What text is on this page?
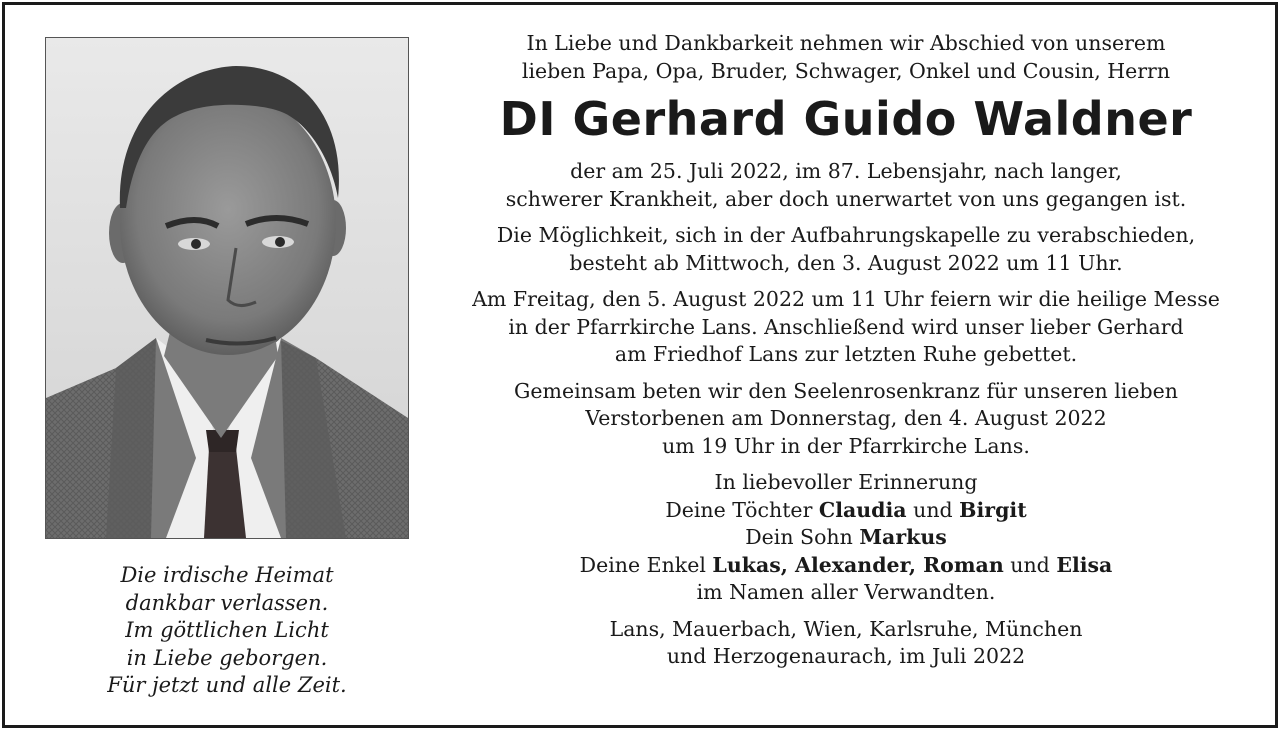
Die irdische Heimat
dankbar verlassen.
Im göttlichen Licht
in Liebe geborgen.
Für jetzt und alle Zeit.
In Liebe und Dankbarkeit nehmen wir Abschied von unserem
lieben Papa, Opa, Bruder, Schwager, Onkel und Cousin, Herrn
DI Gerhard Guido Waldner
der am 25. Juli 2022, im 87. Lebensjahr, nach langer,
schwerer Krankheit, aber doch unerwartet von uns gegangen ist.
Die Möglichkeit, sich in der Aufbahrungskapelle zu verabschieden,
besteht ab Mittwoch, den 3. August 2022 um 11 Uhr.
Am Freitag, den 5. August 2022 um 11 Uhr feiern wir die heilige Messe
in der Pfarrkirche Lans. Anschließend wird unser lieber Gerhard
am Friedhof Lans zur letzten Ruhe gebettet.
Gemeinsam beten wir den Seelenrosenkranz für unseren lieben
Verstorbenen am Donnerstag, den 4. August 2022
um 19 Uhr in der Pfarrkirche Lans.
In liebevoller Erinnerung
Deine Töchter Claudia und Birgit
Dein Sohn Markus
Deine Enkel Lukas, Alexander, Roman und Elisa
im Namen aller Verwandten.
Lans, Mauerbach, Wien, Karlsruhe, München
und Herzogenaurach, im Juli 2022
